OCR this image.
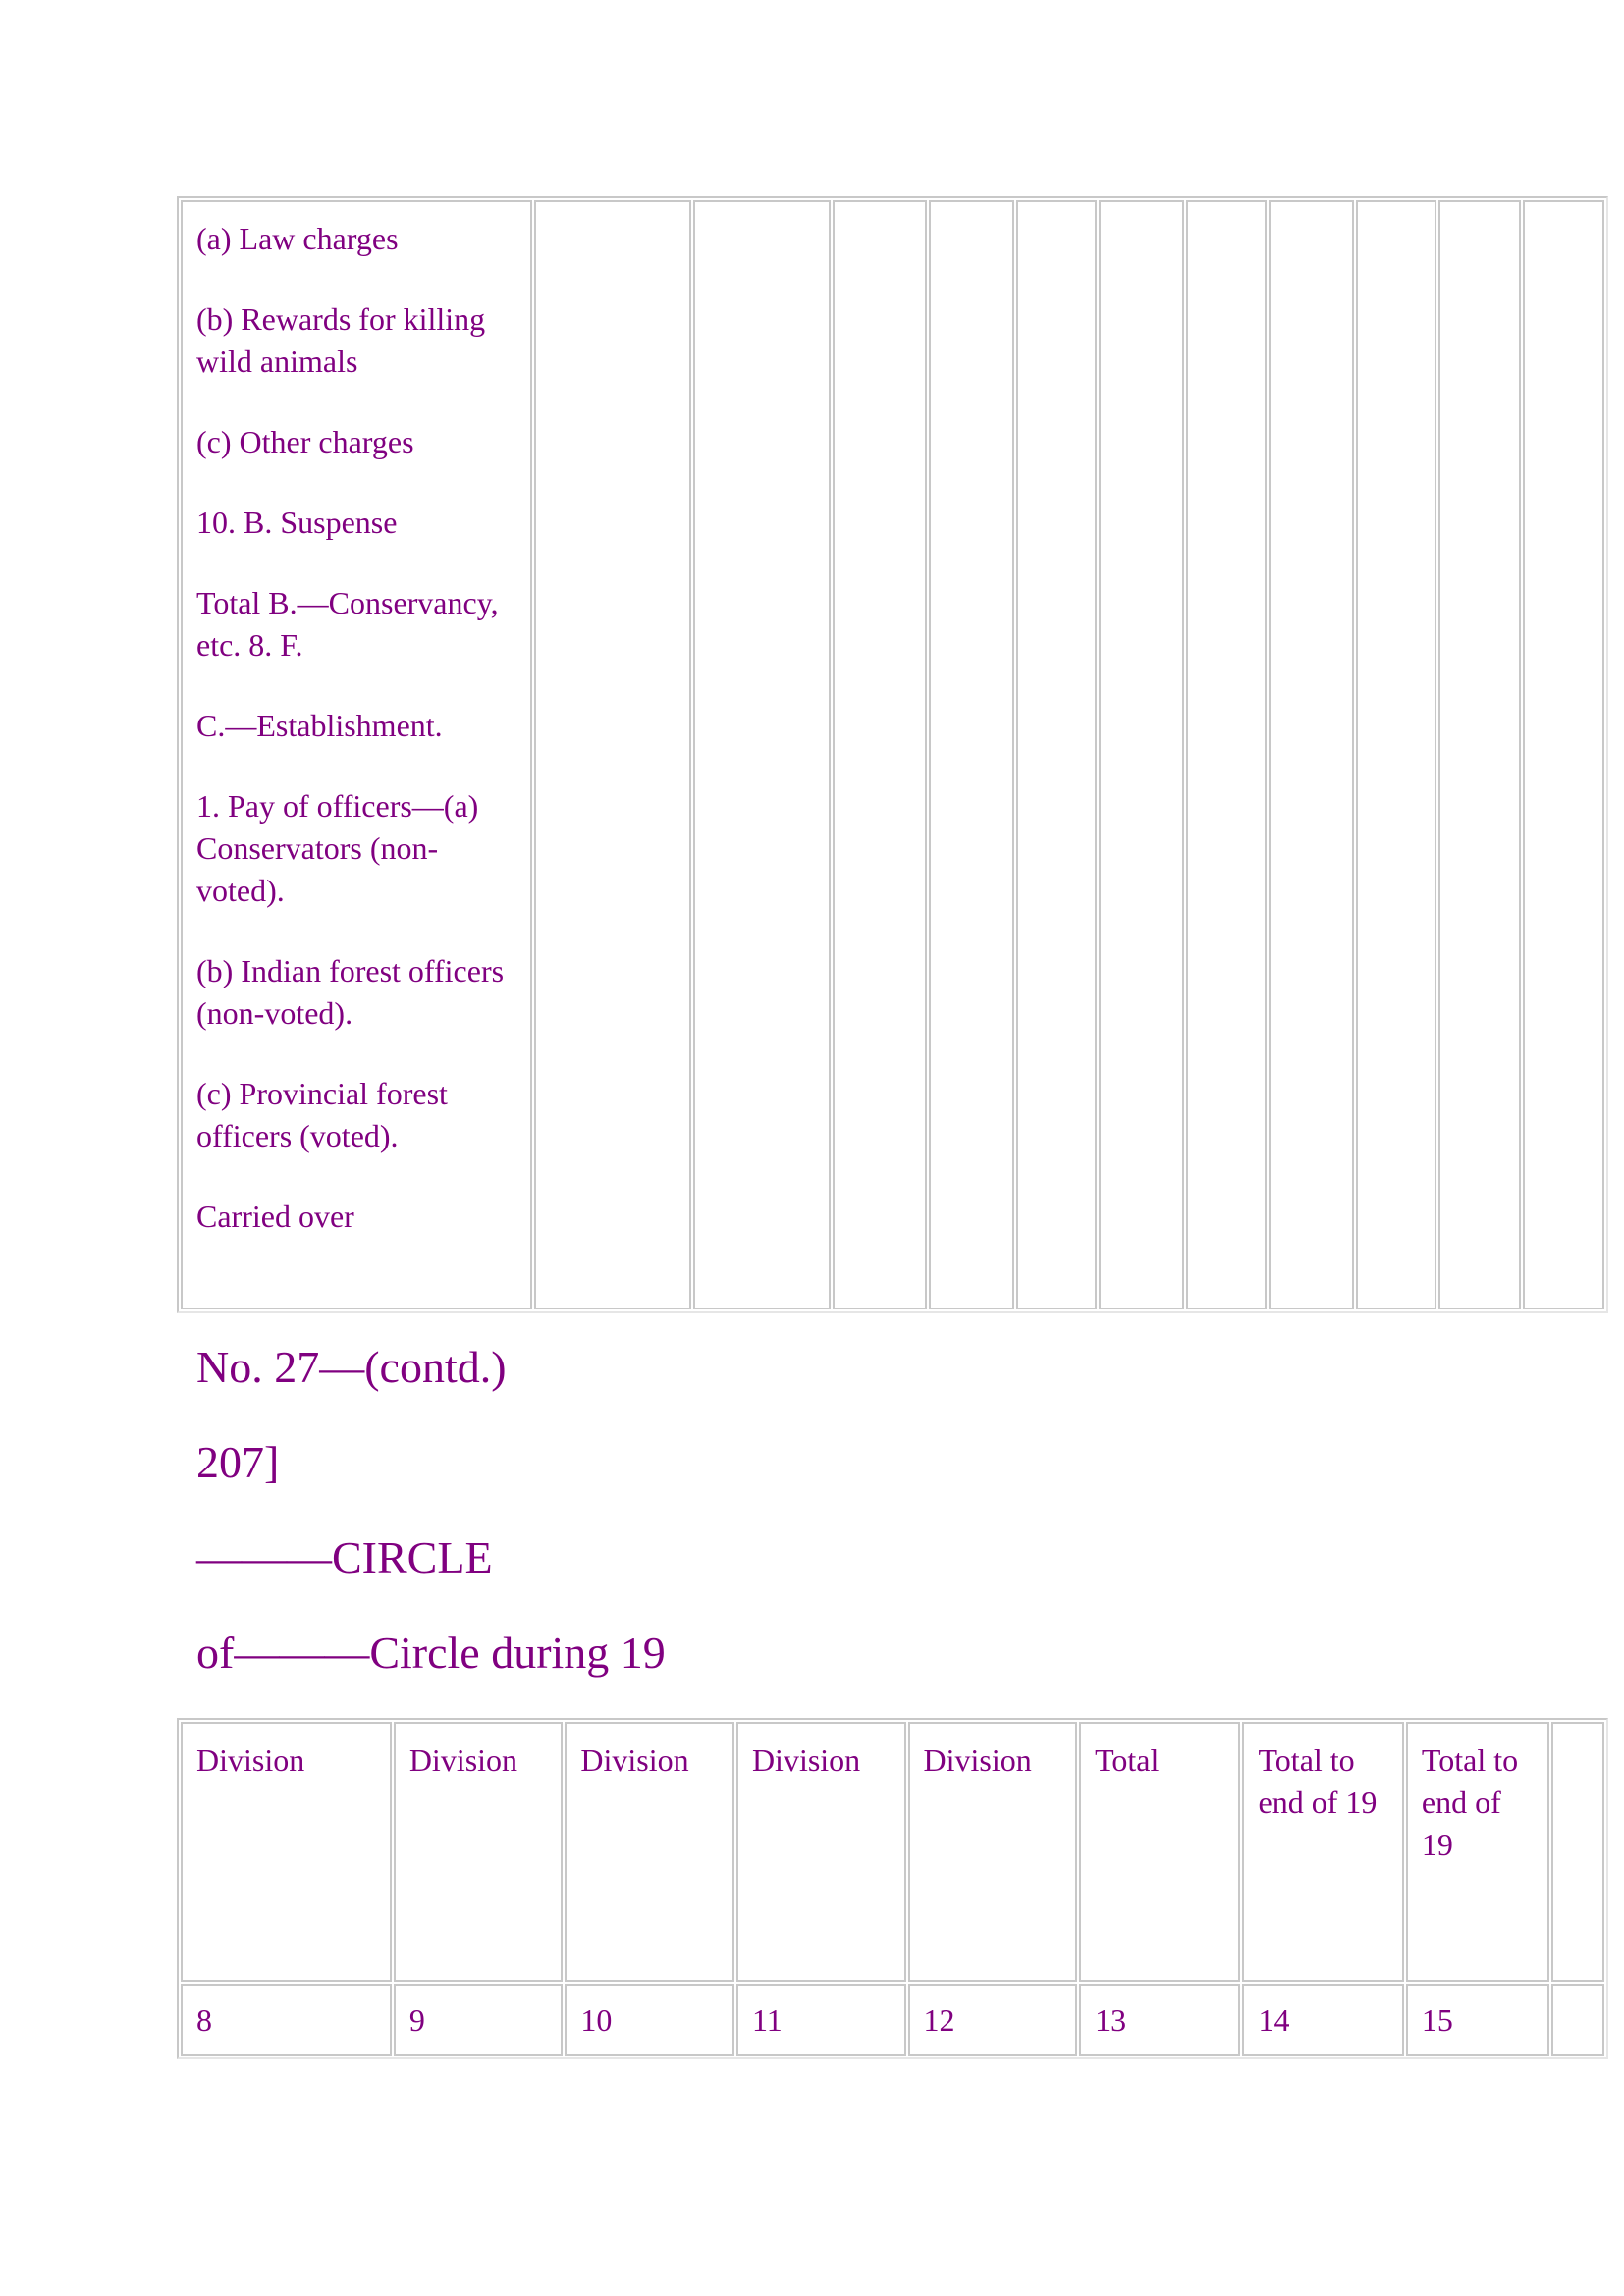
(a) Law charges

(b) Rewards for killing wild animals

(c) Other charges

10. B. Suspense

Total B.—Conservancy, etc. 8. F.

C.—Establishment.

1. Pay of officers—(a) Conservators (non-voted).

(b) Indian forest officers (non-voted).

(c) Provincial forest officers (voted).

Carried over

No. 27—(contd.)

207]

———CIRCLE

of———Circle during 19

Division	Division	Division	Division	Division	Total	Total to end of 19	Total to end of 19	
8	9	10	11	12	13	14	15	
